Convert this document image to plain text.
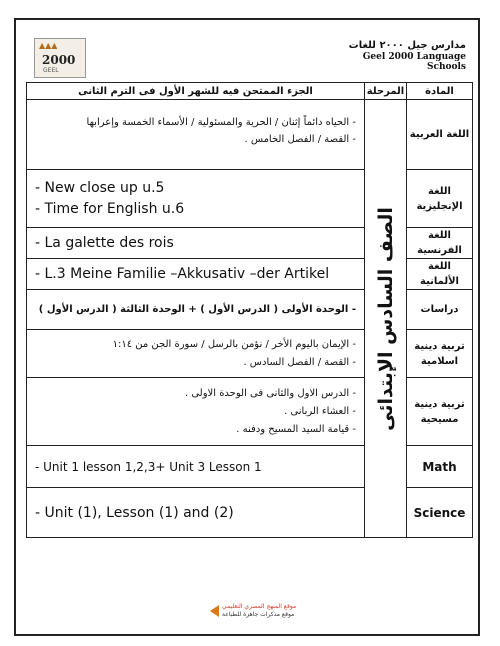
▲▲▲
2000
GEEL
مدارس جيل ٢٠٠٠ للغات
Geel 2000 Language Schools
الجزء الممتحن فيه للشهر الأول فى الترم الثانى	المرحلة	المادة

- الحياه دائماً إثنان / الحرية والمسئولية / الأسماء الخمسة وإعرابها
- القصة / الفصل الخامس .	الصف السادس الإبتدائى	اللغة العربية

- New close up u.5
- Time for English u.6		اللغة الإنجليزية

- La galette des rois		اللغة الفرنسية

- L.3 Meine Familie –Akkusativ –der Artikel		اللغة الألمانية

- الوحدة الأولى ( الدرس الأول ) + الوحدة الثالثة ( الدرس الأول )		دراسات

- الإيمان باليوم الأخر / نؤمن بالرسل / سورة الجن من ١:١٤
- القصة / الفصل السادس .		تربية دينية اسلامية

- الدرس الاول والثانى فى الوحدة الاولى .
- العشاء الربانى .
- قيامة السيد المسيح ودفنه .		تربية دينية مسيحية

- Unit 1 lesson 1,2,3+ Unit 3 Lesson 1		Math

- Unit (1), Lesson (1) and (2)		Science
موقع المنهج المصري التعليمي
موقع مذكرات جاهزة للطباعة
